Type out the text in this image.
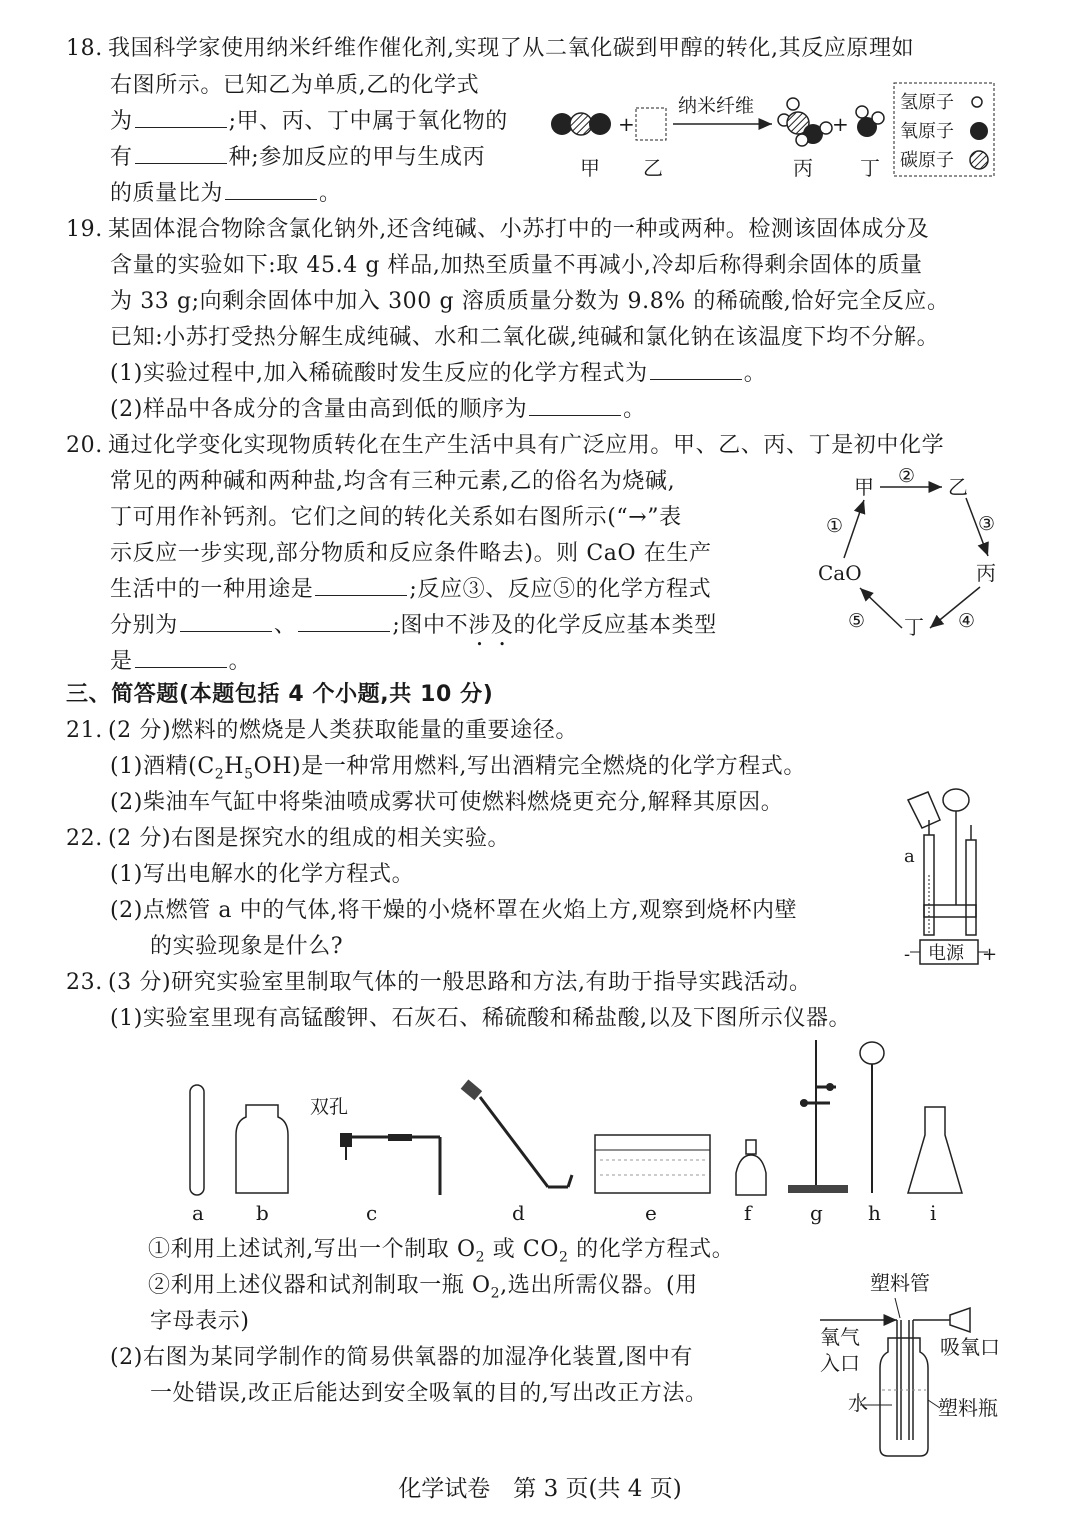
18. 我国科学家使用纳米纤维作催化剂,实现了从二氧化碳到甲醇的转化,其反应原理如
右图所示。已知乙为单质,乙的化学式
为	;甲、丙、丁中属于氧化物的
有	种;参加反应的甲与生成丙
的质量比为	。
+
纳米纤维
+
甲 乙	丙 丁
氢原子
氧原子
碳原子
19. 某固体混合物除含氯化钠外,还含纯碱、小苏打中的一种或两种。检测该固体成分及
含量的实验如下:取 45.4 g 样品,加热至质量不再减小,冷却后称得剩余固体的质量
为 33 g;向剩余固体中加入 300 g 溶质质量分数为 9.8% 的稀硫酸,恰好完全反应。
已知:小苏打受热分解生成纯碱、水和二氧化碳,纯碱和氯化钠在该温度下均不分解。
(1)实验过程中,加入稀硫酸时发生反应的化学方程式为	。
(2)样品中各成分的含量由高到低的顺序为	。
20. 通过化学变化实现物质转化在生产生活中具有广泛应用。甲、乙、丙、丁是初中化学
常见的两种碱和两种盐,均含有三种元素,乙的俗名为烧碱,
丁可用作补钙剂。它们之间的转化关系如右图所示(“→”表
示反应一步实现,部分物质和反应条件略去)。则 CaO 在生产
生活中的一种用途是	;反应③、反应⑤的化学方程式
分别为	、	;图中不涉及的化学反应基本类型
是	。
甲	乙
丙
丁
CaO
②
③
④
⑤
①
三、简答题(本题包括 4 个小题,共 10 分)
21. (2 分)燃料的燃烧是人类获取能量的重要途径。
(1)酒精$(C_2H_5OH)$是一种常用燃料,写出酒精完全燃烧的化学方程式。
(2)柴油车气缸中将柴油喷成雾状可使燃料燃烧更充分,解释其原因。
22. (2 分)右图是探究水的组成的相关实验。
(1)写出电解水的化学方程式。
(2)点燃管 a 中的气体,将干燥的小烧杯罩在火焰上方,观察到烧杯内壁
的实验现象是什么?
a
电源
-	+
23. (3 分)研究实验室里制取气体的一般思路和方法,有助于指导实践活动。
(1)实验室里现有高锰酸钾、石灰石、稀硫酸和稀盐酸,以及下图所示仪器。
双孔
a	b	c	d	e	f	g h i
①利用上述试剂,写出一个制取 $O_2$ 或 $CO_2$ 的化学方程式。
②利用上述仪器和试剂制取一瓶 $O_2$,选出所需仪器。(用
字母表示)
(2)右图为某同学制作的简易供氧器的加湿净化装置,图中有
一处错误,改正后能达到安全吸氧的目的,写出改正方法。
塑料管
氧气
入口
吸氧口
水	塑料瓶
化学试卷　第 3 页(共 4 页)
